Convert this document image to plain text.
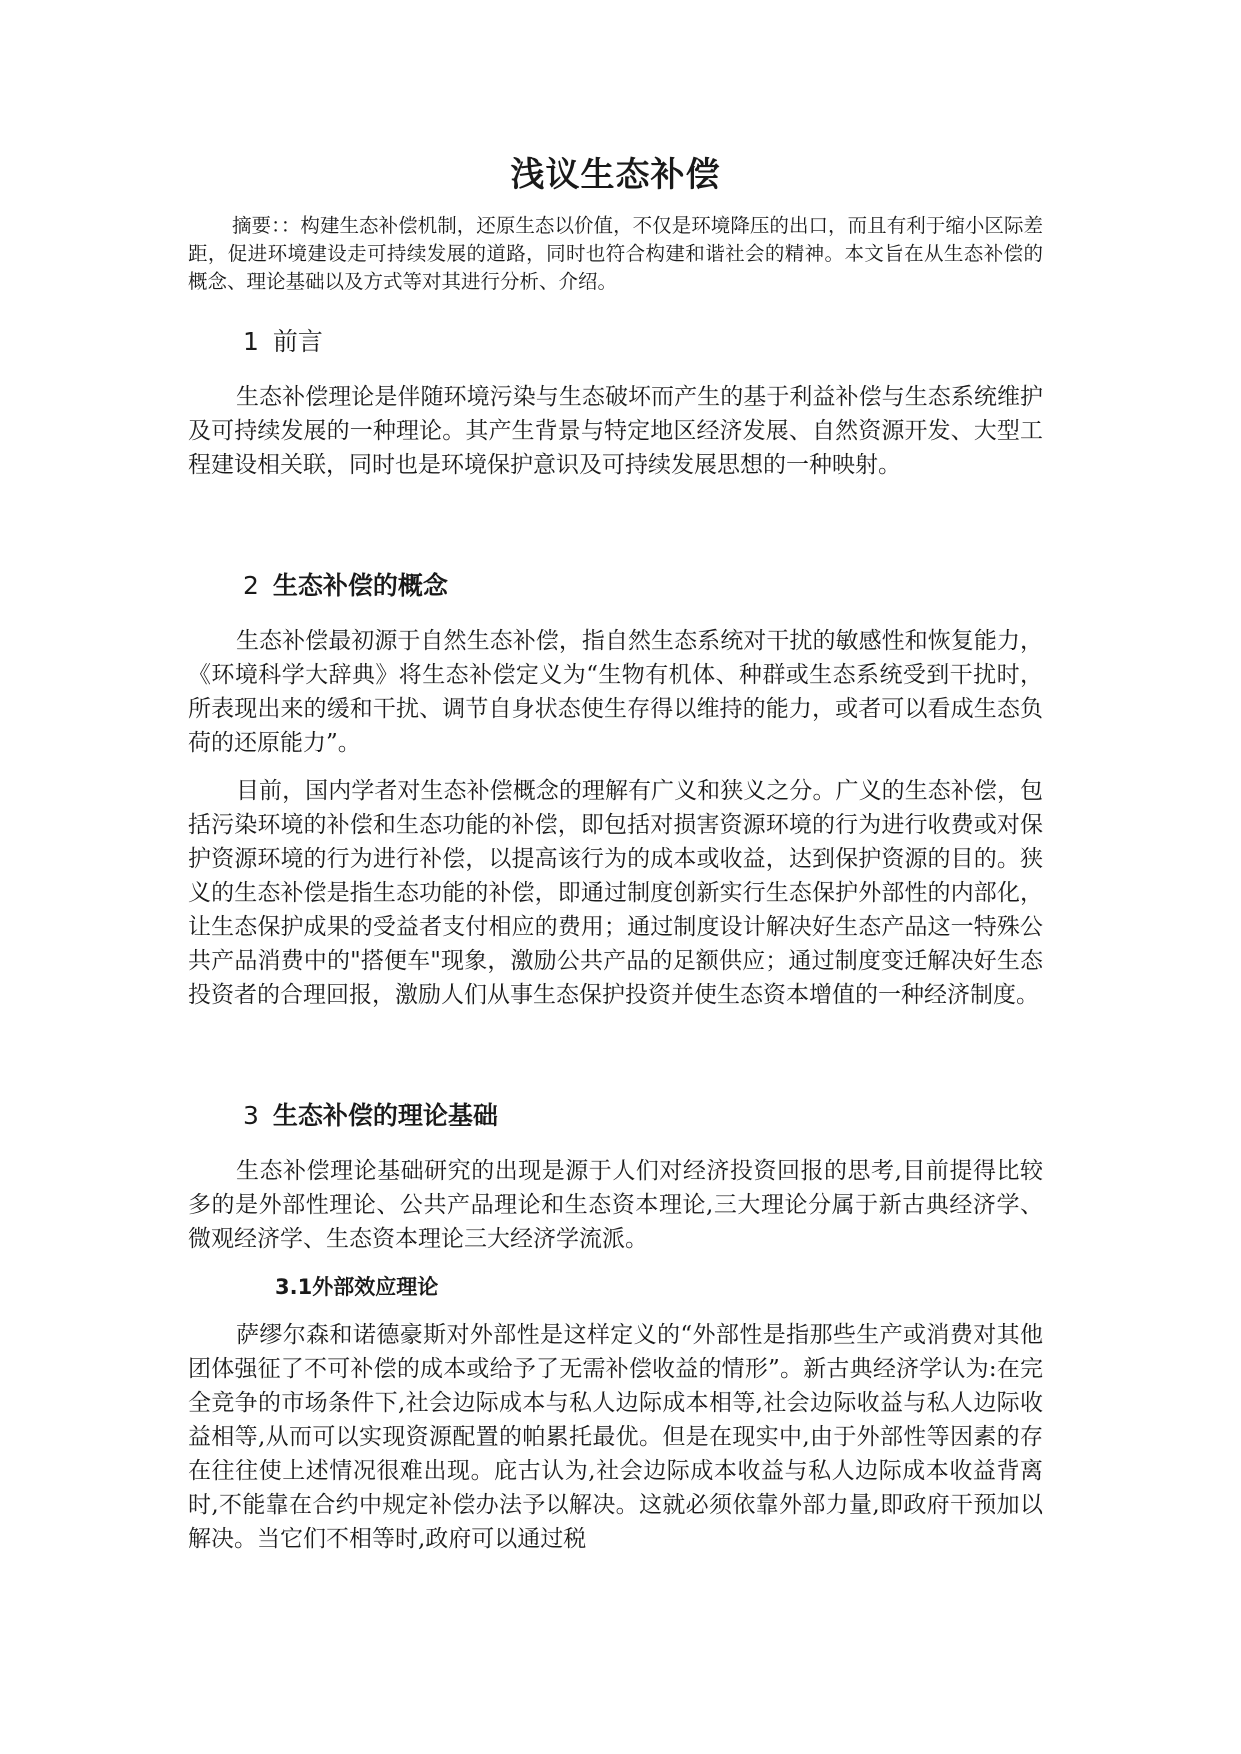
浅议生态补偿

摘要：：构建生态补偿机制，还原生态以价值，不仅是环境降压的出口，而且有利于缩小区际差距，促进环境建设走可持续发展的道路，同时也符合构建和谐社会的精神。本文旨在从生态补偿的概念、理论基础以及方式等对其进行分析、介绍。

1 前言

生态补偿理论是伴随环境污染与生态破坏而产生的基于利益补偿与生态系统维护及可持续发展的一种理论。其产生背景与特定地区经济发展、自然资源开发、大型工程建设相关联，同时也是环境保护意识及可持续发展思想的一种映射。

2 生态补偿的概念

生态补偿最初源于自然生态补偿，指自然生态系统对干扰的敏感性和恢复能力，《环境科学大辞典》将生态补偿定义为“生物有机体、种群或生态系统受到干扰时，所表现出来的缓和干扰、调节自身状态使生存得以维持的能力，或者可以看成生态负荷的还原能力”。

目前，国内学者对生态补偿概念的理解有广义和狭义之分。广义的生态补偿，包括污染环境的补偿和生态功能的补偿，即包括对损害资源环境的行为进行收费或对保护资源环境的行为进行补偿，以提高该行为的成本或收益，达到保护资源的目的。狭义的生态补偿是指生态功能的补偿，即通过制度创新实行生态保护外部性的内部化，让生态保护成果的受益者支付相应的费用；通过制度设计解决好生态产品这一特殊公共产品消费中的"搭便车"现象，激励公共产品的足额供应；通过制度变迁解决好生态投资者的合理回报，激励人们从事生态保护投资并使生态资本增值的一种经济制度。

3 生态补偿的理论基础

生态补偿理论基础研究的出现是源于人们对经济投资回报的思考,目前提得比较多的是外部性理论、公共产品理论和生态资本理论,三大理论分属于新古典经济学、微观经济学、生态资本理论三大经济学流派。

3.1外部效应理论

萨缪尔森和诺德豪斯对外部性是这样定义的“外部性是指那些生产或消费对其他团体强征了不可补偿的成本或给予了无需补偿收益的情形”。新古典经济学认为:在完全竞争的市场条件下,社会边际成本与私人边际成本相等,社会边际收益与私人边际收益相等,从而可以实现资源配置的帕累托最优。但是在现实中,由于外部性等因素的存在往往使上述情况很难出现。庇古认为,社会边际成本收益与私人边际成本收益背离时,不能靠在合约中规定补偿办法予以解决。这就必须依靠外部力量,即政府干预加以解决。当它们不相等时,政府可以通过税
